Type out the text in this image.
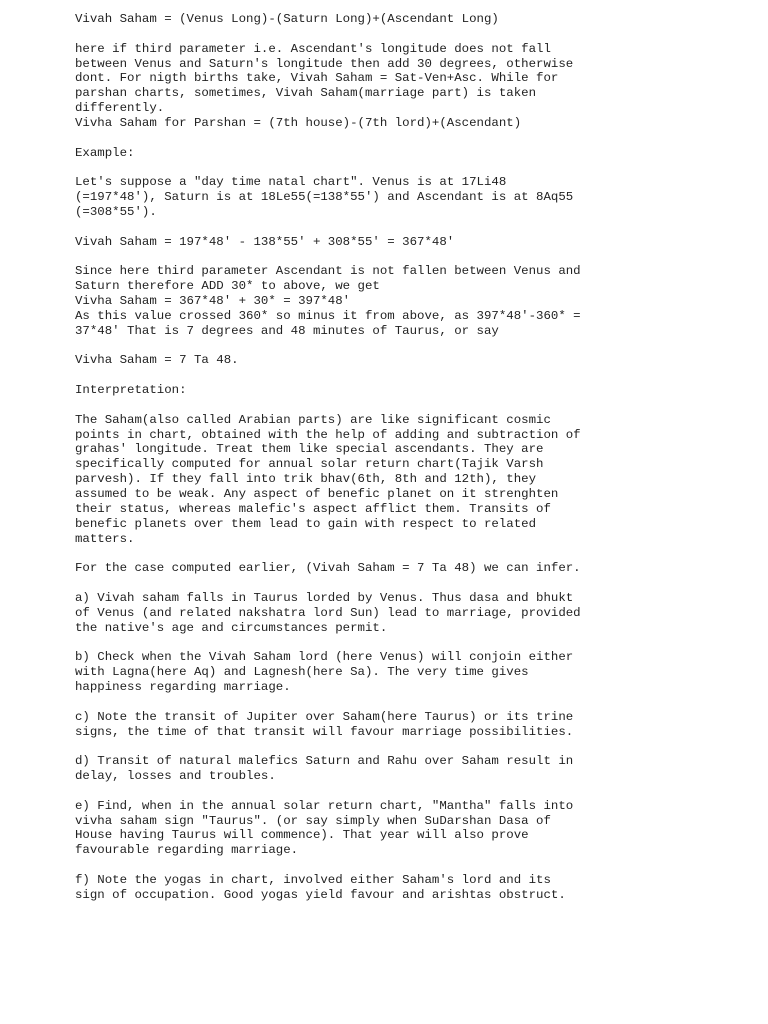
Vivah Saham = (Venus Long)-(Saturn Long)+(Ascendant Long)
here if third parameter i.e. Ascendant's longitude does not fall
between Venus and Saturn's longitude then add 30 degrees, otherwise
dont. For nigth births take, Vivah Saham = Sat-Ven+Asc. While for
parshan charts, sometimes, Vivah Saham(marriage part) is taken
differently.
Vivha Saham for Parshan = (7th house)-(7th lord)+(Ascendant)
Example:
Let's suppose a "day time natal chart". Venus is at 17Li48
(=197*48'), Saturn is at 18Le55(=138*55') and Ascendant is at 8Aq55
(=308*55').
Vivah Saham = 197*48' - 138*55' + 308*55' = 367*48'
Since here third parameter Ascendant is not fallen between Venus and
Saturn therefore ADD 30* to above, we get
Vivha Saham = 367*48' + 30* = 397*48'
As this value crossed 360* so minus it from above, as 397*48'-360* =
37*48' That is 7 degrees and 48 minutes of Taurus, or say
Vivha Saham = 7 Ta 48.
Interpretation:
The Saham(also called Arabian parts) are like significant cosmic
points in chart, obtained with the help of adding and subtraction of
grahas' longitude. Treat them like special ascendants. They are
specifically computed for annual solar return chart(Tajik Varsh
parvesh). If they fall into trik bhav(6th, 8th and 12th), they
assumed to be weak. Any aspect of benefic planet on it strenghten
their status, whereas malefic's aspect afflict them. Transits of
benefic planets over them lead to gain with respect to related
matters.
For the case computed earlier, (Vivah Saham = 7 Ta 48) we can infer.
a) Vivah saham falls in Taurus lorded by Venus. Thus dasa and bhukt
of Venus (and related nakshatra lord Sun) lead to marriage, provided
the native's age and circumstances permit.
b) Check when the Vivah Saham lord (here Venus) will conjoin either
with Lagna(here Aq) and Lagnesh(here Sa). The very time gives
happiness regarding marriage.
c) Note the transit of Jupiter over Saham(here Taurus) or its trine
signs, the time of that transit will favour marriage possibilities.
d) Transit of natural malefics Saturn and Rahu over Saham result in
delay, losses and troubles.
e) Find, when in the annual solar return chart, "Mantha" falls into
vivha saham sign "Taurus". (or say simply when SuDarshan Dasa of
House having Taurus will commence). That year will also prove
favourable regarding marriage.
f) Note the yogas in chart, involved either Saham's lord and its
sign of occupation. Good yogas yield favour and arishtas obstruct.
